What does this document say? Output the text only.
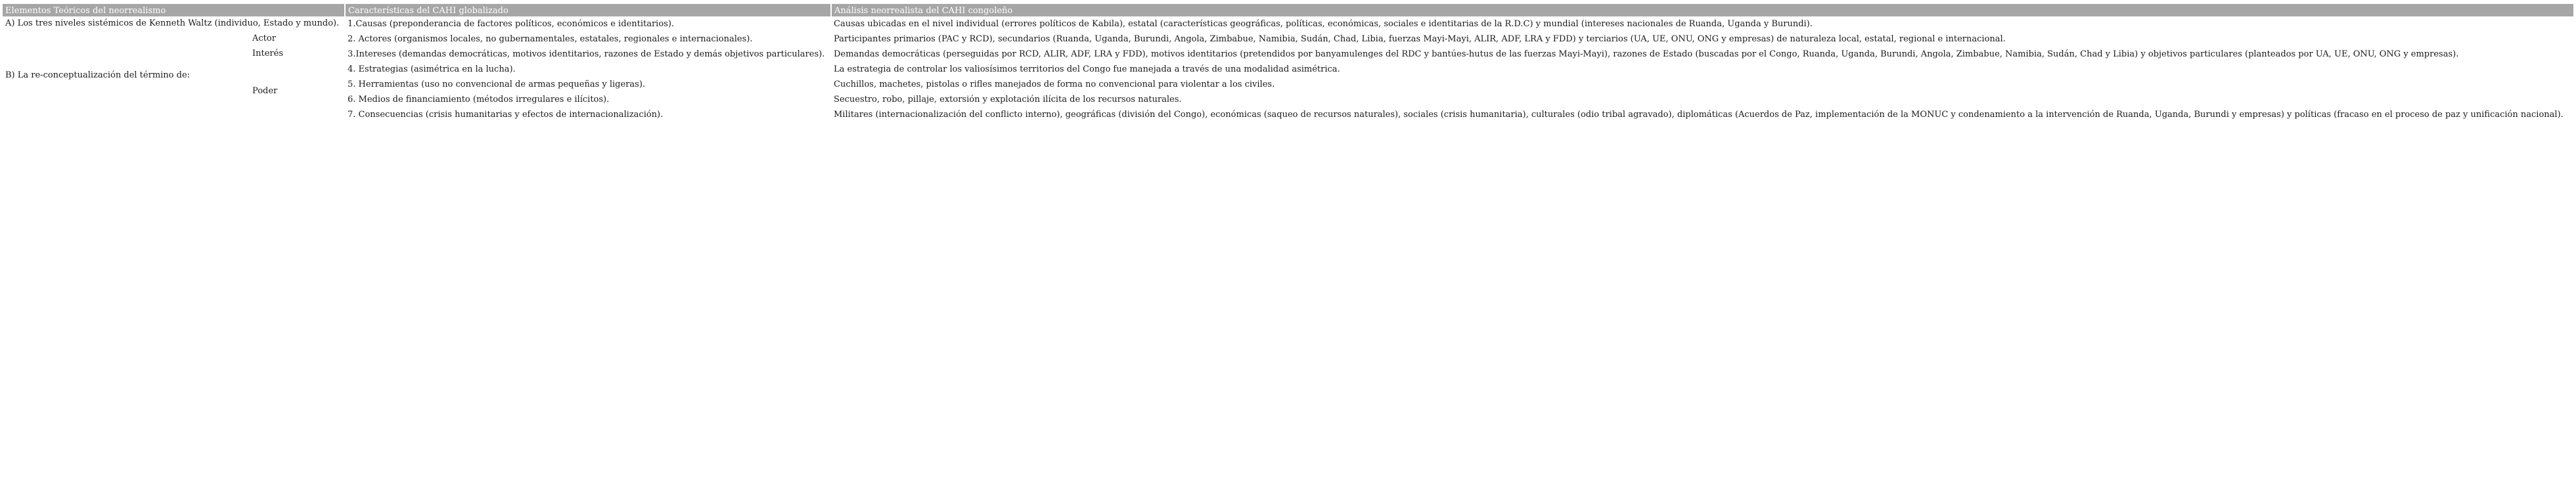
Elementos Teóricos del neorrealismo	Características del CAHI globalizado	Análisis neorrealista del CAHI congoleño

A) Los tres niveles sistémicos de Kenneth Waltz (individuo, Estado y mundo).	1.Causas (preponderancia de factores políticos, económicos e identitarios).	Causas ubicadas en el nivel individual (errores políticos de Kabila), estatal (características geográficas, políticas, económicas, sociales e identitarias de la R.D.C) y mundial (intereses nacionales de Ruanda, Uganda y Burundi).

Actor	2. Actores (organismos locales, no gubernamentales, estatales, regionales e internacionales).	Participantes primarios (PAC y RCD), secundarios (Ruanda, Uganda, Burundi, Angola, Zimbabue, Namibia, Sudán, Chad, Libia, fuerzas Mayi-Mayi, ALIR, ADF, LRA y FDD) y terciarios (UA, UE, ONU, ONG y empresas) de naturaleza local, estatal, regional e internacional.

Interés	3.Intereses (demandas democráticas, motivos identitarios, razones de Estado y demás objetivos particulares).	Demandas democráticas (perseguidas por RCD, ALIR, ADF, LRA y FDD), motivos identitarios (pretendidos por banyamulenges del RDC y bantúes-hutus de las fuerzas Mayi-Mayi), razones de Estado (buscadas por el Congo, Ruanda, Uganda, Burundi, Angola, Zimbabue, Namibia, Sudán, Chad y Libia) y objetivos particulares (planteados por UA, UE, ONU, ONG y empresas).

B) La re-conceptualización del término de:	4. Estrategias (asimétrica en la lucha).	La estrategia de controlar los valiosísimos territorios del Congo fue manejada a través de una modalidad asimétrica.
	5. Herramientas (uso no convencional de armas pequeñas y ligeras).	Cuchillos, machetes, pistolas o rifles manejados de forma no convencional para violentar a los civiles.

Poder	6. Medios de financiamiento (métodos irregulares e ilícitos).	Secuestro, robo, pillaje, extorsión y explotación ilícita de los recursos naturales.
	7. Consecuencias (crisis humanitarias y efectos de internacionalización).	Militares (internacionalización del conflicto interno), geográficas (división del Congo), económicas (saqueo de recursos naturales), sociales (crisis humanitaria), culturales (odio tribal agravado), diplomáticas (Acuerdos de Paz, implementación de la MONUC y condenamiento a la intervención de Ruanda, Uganda, Burundi y empresas) y políticas (fracaso en el proceso de paz y unificación nacional).
